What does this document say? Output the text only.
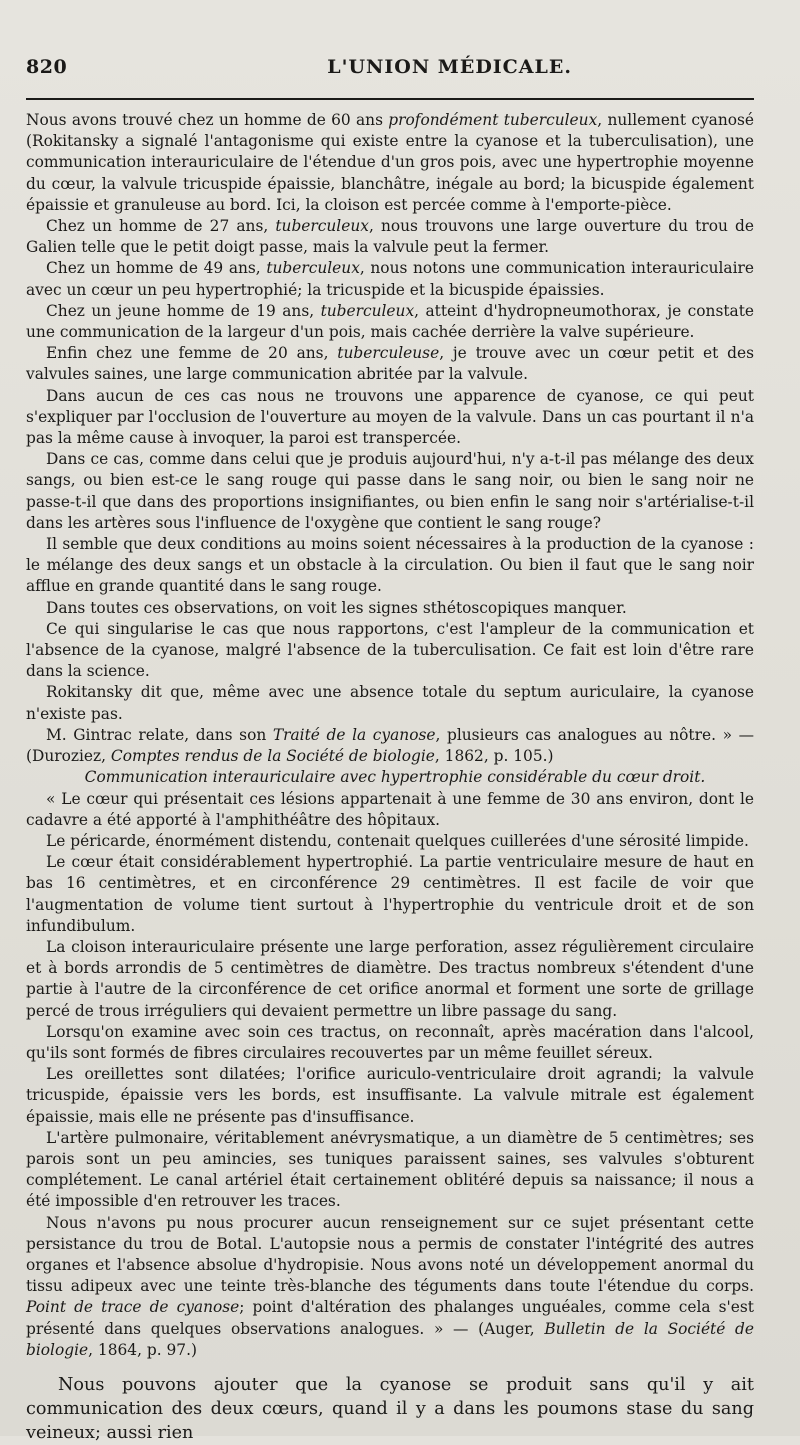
820	L'UNION MÉDICALE.

Nous avons trouvé chez un homme de 60 ans profondément tuberculeux, nullement cyanosé (Rokitansky a signalé l'antagonisme qui existe entre la cyanose et la tuberculisation), une communication interauriculaire de l'étendue d'un gros pois, avec une hypertrophie moyenne du cœur, la valvule tricuspide épaissie, blanchâtre, inégale au bord; la bicuspide également épaissie et granuleuse au bord. Ici, la cloison est percée comme à l'emporte-pièce.

Chez un homme de 27 ans, tuberculeux, nous trouvons une large ouverture du trou de Galien telle que le petit doigt passe, mais la valvule peut la fermer.

Chez un homme de 49 ans, tuberculeux, nous notons une communication interauriculaire avec un cœur un peu hypertrophié; la tricuspide et la bicuspide épaissies.

Chez un jeune homme de 19 ans, tuberculeux, atteint d'hydropneumothorax, je constate une communication de la largeur d'un pois, mais cachée derrière la valve supérieure.

Enfin chez une femme de 20 ans, tuberculeuse, je trouve avec un cœur petit et des valvules saines, une large communication abritée par la valvule.

Dans aucun de ces cas nous ne trouvons une apparence de cyanose, ce qui peut s'expliquer par l'occlusion de l'ouverture au moyen de la valvule. Dans un cas pourtant il n'a pas la même cause à invoquer, la paroi est transpercée.

Dans ce cas, comme dans celui que je produis aujourd'hui, n'y a-t-il pas mélange des deux sangs, ou bien est-ce le sang rouge qui passe dans le sang noir, ou bien le sang noir ne passe-t-il que dans des proportions insignifiantes, ou bien enfin le sang noir s'artérialise-t-il dans les artères sous l'influence de l'oxygène que contient le sang rouge?

Il semble que deux conditions au moins soient nécessaires à la production de la cyanose : le mélange des deux sangs et un obstacle à la circulation. Ou bien il faut que le sang noir afflue en grande quantité dans le sang rouge.

Dans toutes ces observations, on voit les signes sthétoscopiques manquer.

Ce qui singularise le cas que nous rapportons, c'est l'ampleur de la communication et l'absence de la cyanose, malgré l'absence de la tuberculisation. Ce fait est loin d'être rare dans la science.

Rokitansky dit que, même avec une absence totale du septum auriculaire, la cyanose n'existe pas.

M. Gintrac relate, dans son Traité de la cyanose, plusieurs cas analogues au nôtre. » — (Duroziez, Comptes rendus de la Société de biologie, 1862, p. 105.)

Communication interauriculaire avec hypertrophie considérable du cœur droit.

« Le cœur qui présentait ces lésions appartenait à une femme de 30 ans environ, dont le cadavre a été apporté à l'amphithéâtre des hôpitaux.

Le péricarde, énormément distendu, contenait quelques cuillerées d'une sérosité limpide.

Le cœur était considérablement hypertrophié. La partie ventriculaire mesure de haut en bas 16 centimètres, et en circonférence 29 centimètres. Il est facile de voir que l'augmentation de volume tient surtout à l'hypertrophie du ventricule droit et de son infundibulum.

La cloison interauriculaire présente une large perforation, assez régulièrement circulaire et à bords arrondis de 5 centimètres de diamètre. Des tractus nombreux s'étendent d'une partie à l'autre de la circonférence de cet orifice anormal et forment une sorte de grillage percé de trous irréguliers qui devaient permettre un libre passage du sang.

Lorsqu'on examine avec soin ces tractus, on reconnaît, après macération dans l'alcool, qu'ils sont formés de fibres circulaires recouvertes par un même feuillet séreux.

Les oreillettes sont dilatées; l'orifice auriculo-ventriculaire droit agrandi; la valvule tricuspide, épaissie vers les bords, est insuffisante. La valvule mitrale est également épaissie, mais elle ne présente pas d'insuffisance.

L'artère pulmonaire, véritablement anévrysmatique, a un diamètre de 5 centimètres; ses parois sont un peu amincies, ses tuniques paraissent saines, ses valvules s'obturent complétement. Le canal artériel était certainement oblitéré depuis sa naissance; il nous a été impossible d'en retrouver les traces.

Nous n'avons pu nous procurer aucun renseignement sur ce sujet présentant cette persistance du trou de Botal. L'autopsie nous a permis de constater l'intégrité des autres organes et l'absence absolue d'hydropisie. Nous avons noté un développement anormal du tissu adipeux avec une teinte très-blanche des téguments dans toute l'étendue du corps. Point de trace de cyanose; point d'altération des phalanges unguéales, comme cela s'est présenté dans quelques observations analogues. » — (Auger, Bulletin de la Société de biologie, 1864, p. 97.)

Nous pouvons ajouter que la cyanose se produit sans qu'il y ait communication des deux cœurs, quand il y a dans les poumons stase du sang veineux; aussi rien
